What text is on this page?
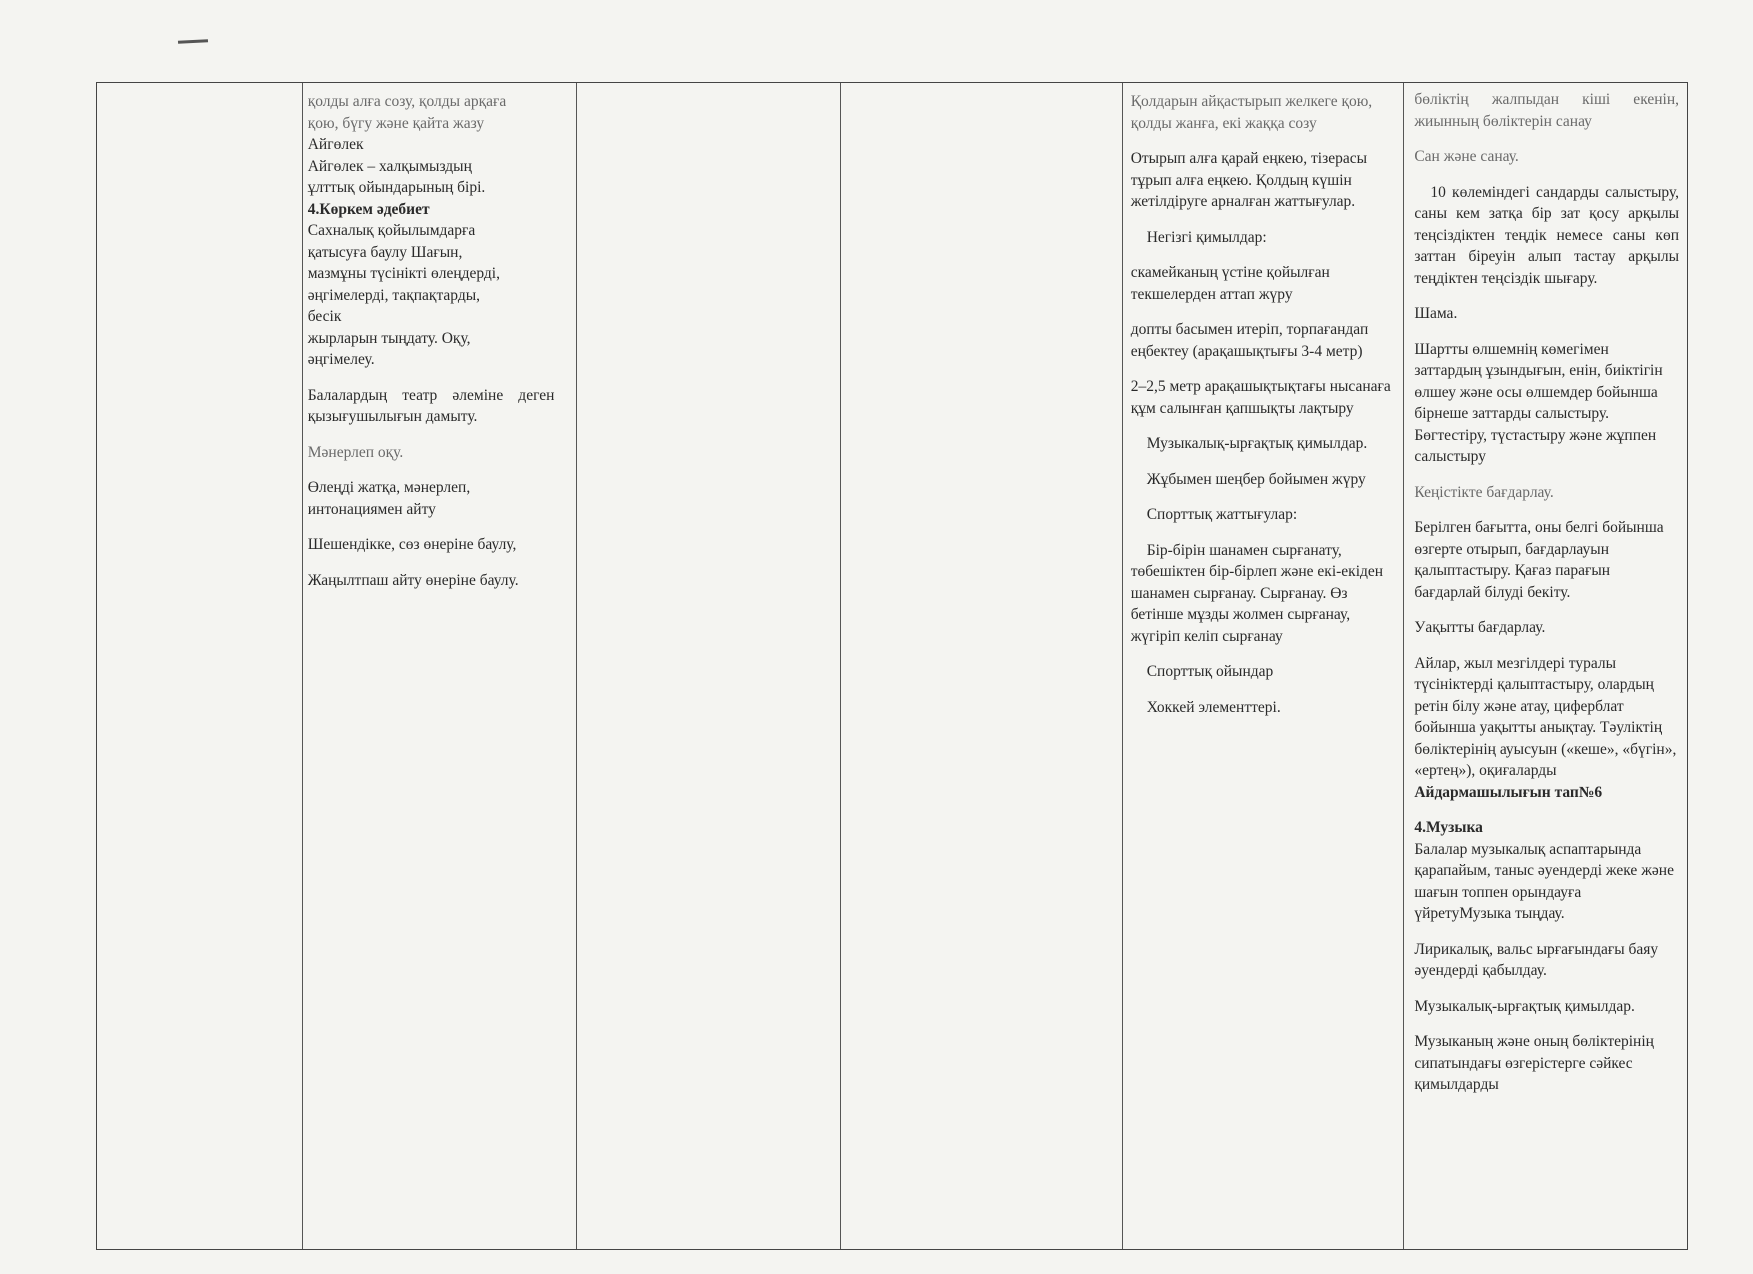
қолды алға созу, қолды арқаға

қою, бүгу және қайта жазу

Айгөлек

Айгөлек – халқымыздың

ұлттық ойындарының бірі.

4.Көркем әдебиет

Сахналық қойылымдарға

қатысуға баулу Шағын,

мазмұны түсінікті өлеңдерді,

әңгімелерді, тақпақтарды,

бесік

жырларын тыңдату. Оқу,

әңгімелеу.

Балалардың театр әлеміне деген қызығушылығын дамыту.

Мәнерлеп оқу.

Өлеңді жатқа, мәнерлеп, интонациямен айту

Шешендікке, сөз өнеріне баулу,

Жаңылтпаш айту өнеріне баулу.

Қолдарын айқастырып желкеге қою, қолды жанға, екі жаққа созу

Отырып алға қарай еңкею, тізерасы тұрып алға еңкею. Қолдың күшін жетілдіруге арналған жаттығулар.

Негізгі қимылдар:

скамейканың үстіне қойылған текшелерден аттап жүру

допты басымен итеріп, торпағандап еңбектеу (арақашықтығы 3-4 метр)

2–2,5 метр арақашықтықтағы нысанаға құм салынған қапшықты лақтыру

Музыкалық-ырғақтық қимылдар.

Жұбымен шеңбер бойымен жүру

Спорттық жаттығулар:

Бір-бірін шанамен сырғанату, төбешіктен бір-бірлеп және екі-екіден шанамен сырғанау. Сырғанау. Өз бетінше мұзды жолмен сырғанау, жүгіріп келіп сырғанау

Спорттық ойындар

Хоккей элементтері.

бөліктің жалпыдан кіші екенін, жиынның бөліктерін санау

Сан және санау.

10 көлеміндегі сандарды салыстыру, саны кем затқа бір зат қосу арқылы теңсіздіктен теңдік немесе саны көп заттан біреуін алып тастау арқылы теңдіктен теңсіздік шығару.

Шама.

Шартты өлшемнің көмегімен заттардың ұзындығын, енін, биіктігін өлшеу және осы өлшемдер бойынша бірнеше заттарды салыстыру. Бөгтестіру, түстастыру және жұппен салыстыру

Кеңістікте бағдарлау.

Берілген бағытта, оны белгі бойынша өзгерте отырып, бағдарлауын қалыптастыру. Қағаз парағын бағдарлай білуді бекіту.

Уақытты бағдарлау.

Айлар, жыл мезгілдері туралы түсініктерді қалыптастыру, олардың ретін білу және атау, циферблат бойынша уақытты анықтау. Тәуліктің бөліктерінің ауысуын («кеше», «бүгін», «ертең»), оқиғаларды

Айдармашылығын тап№6

4.Музыка

Балалар музыкалық аспаптарында қарапайым, таныс әуендерді жеке және шағын топпен орындауға үйретуМузыка тыңдау.

Лирикалық, вальс ырғағындағы баяу әуендерді қабылдау.

Музыкалық-ырғақтық қимылдар.

Музыканың және оның бөліктерінің сипатындағы өзгерістерге сәйкес қимылдарды
